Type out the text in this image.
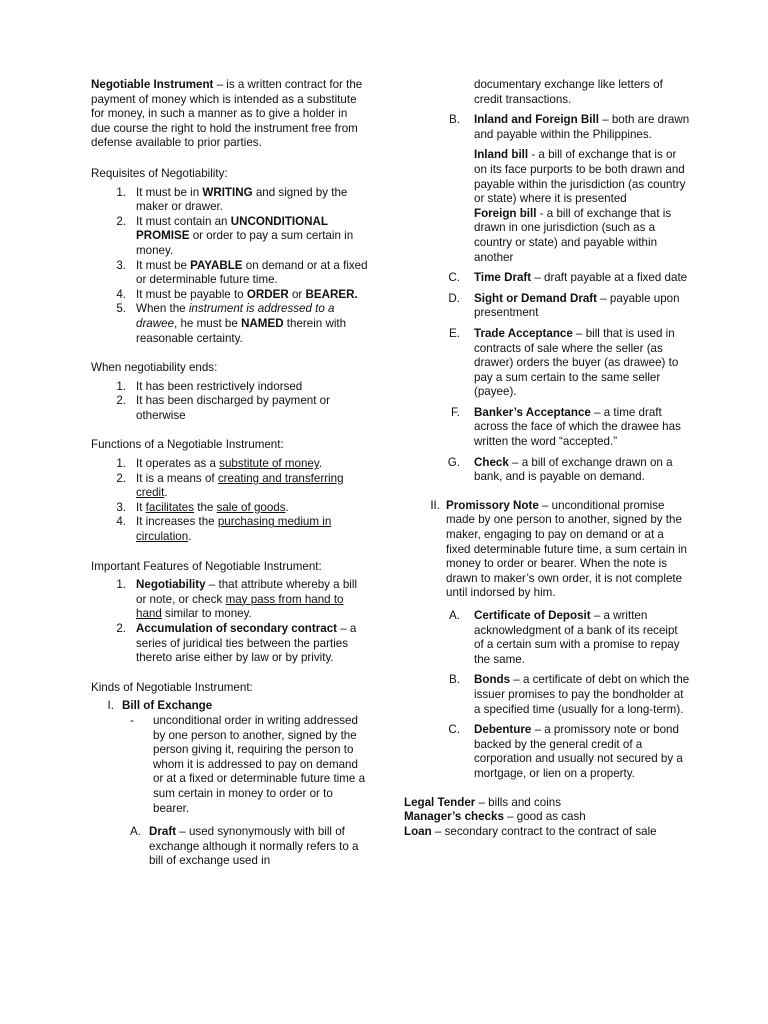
Negotiable Instrument – is a written contract for the payment of money which is intended as a substitute for money, in such a manner as to give a holder in due course the right to hold the instrument free from defense available to prior parties.

Requisites of Negotiability:

1. It must be in WRITING and signed by the maker or drawer.
2. It must contain an UNCONDITIONAL PROMISE or order to pay a sum certain in money.
3. It must be PAYABLE on demand or at a fixed or determinable future time.
4. It must be payable to ORDER or BEARER.
5. When the instrument is addressed to a drawee, he must be NAMED therein with reasonable certainty.

When negotiability ends:

1. It has been restrictively indorsed
2. It has been discharged by payment or otherwise

Functions of a Negotiable Instrument:

1. It operates as a substitute of money.
2. It is a means of creating and transferring credit.
3. It facilitates the sale of goods.
4. It increases the purchasing medium in circulation.

Important Features of Negotiable Instrument:

1. Negotiability – that attribute whereby a bill or note, or check may pass from hand to hand similar to money.
2. Accumulation of secondary contract – a series of juridical ties between the parties thereto arise either by law or by privity.

Kinds of Negotiable Instrument:

I. Bill of Exchange
-	unconditional order in writing addressed by one person to another, signed by the person giving it, requiring the person to whom it is addressed to pay on demand or at a fixed or determinable future time a sum certain in money to order or to bearer.
A. Draft – used synonymously with bill of exchange although it normally refers to a bill of exchange used in

documentary exchange like letters of credit transactions.

B.	Inland and Foreign Bill – both are drawn and payable within the Philippines.

Inland bill - a bill of exchange that is or on its face purports to be both drawn and payable within the jurisdiction (as country or state) where it is presented

Foreign bill - a bill of exchange that is drawn in one jurisdiction (such as a country or state) and payable within another

C.	Time Draft – draft payable at a fixed date
D.	Sight or Demand Draft – payable upon presentment
E.	Trade Acceptance – bill that is used in contracts of sale where the seller (as drawer) orders the buyer (as drawee) to pay a sum certain to the same seller (payee).
F.	Banker’s Acceptance – a time draft across the face of which the drawee has written the word “accepted.”
G.	Check – a bill of exchange drawn on a bank, and is payable on demand.
II. Promissory Note – unconditional promise made by one person to another, signed by the maker, engaging to pay on demand or at a fixed determinable future time, a sum certain in money to order or bearer. When the note is drawn to maker’s own order, it is not complete until indorsed by him.
A.	Certificate of Deposit – a written acknowledgment of a bank of its receipt of a certain sum with a promise to repay the same.
B.	Bonds – a certificate of debt on which the issuer promises to pay the bondholder at a specified time (usually for a long-term).
C.	Debenture – a promissory note or bond backed by the general credit of a corporation and usually not secured by a mortgage, or lien on a property.

Legal Tender – bills and coins

Manager’s checks – good as cash

Loan – secondary contract to the contract of sale
